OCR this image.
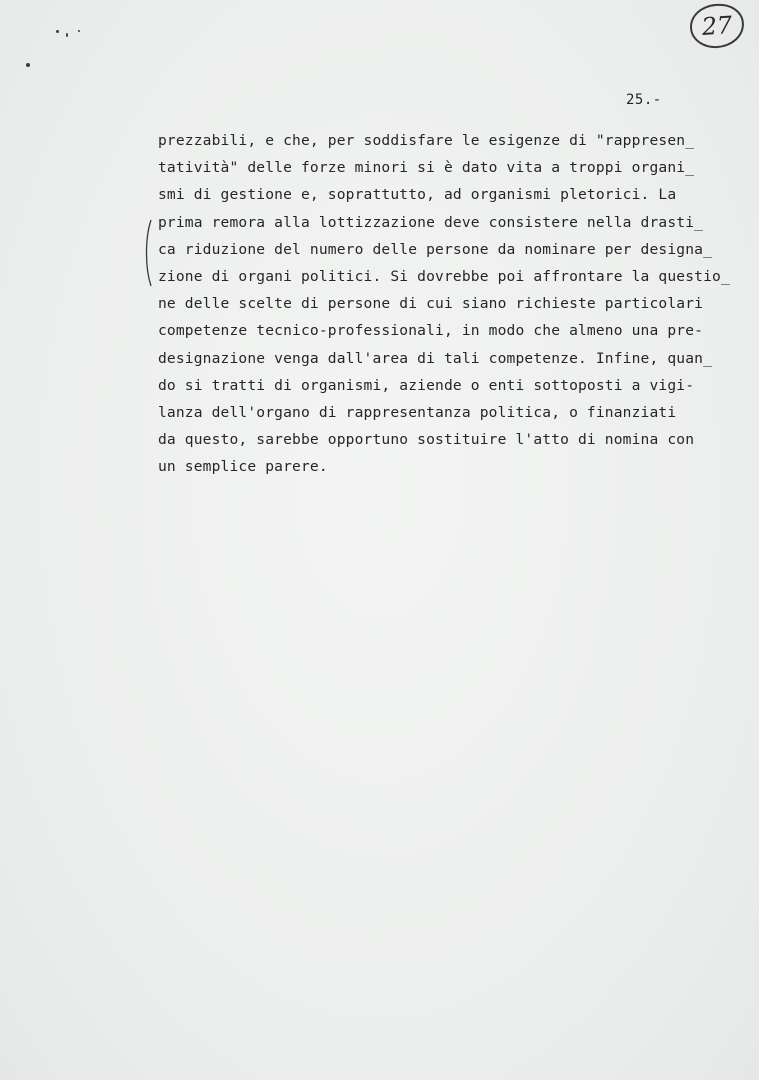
27
25.-
prezzabili, e che, per soddisfare le esigenze di "rappresen_
tatività" delle forze minori si è dato vita a troppi organi_
smi di gestione e, soprattutto, ad organismi pletorici. La
prima remora alla lottizzazione deve consistere nella drasti_
ca riduzione del numero delle persone da nominare per designa_
zione di organi politici. Si dovrebbe poi affrontare la questio_
ne delle scelte di persone di cui siano richieste particolari
competenze tecnico-professionali, in modo che almeno una pre-
designazione venga dall'area di tali competenze. Infine, quan_
do si tratti di organismi, aziende o enti sottoposti a vigi-
lanza dell'organo di rappresentanza politica, o finanziati
da questo, sarebbe opportuno sostituire l'atto di nomina con
un semplice parere.
